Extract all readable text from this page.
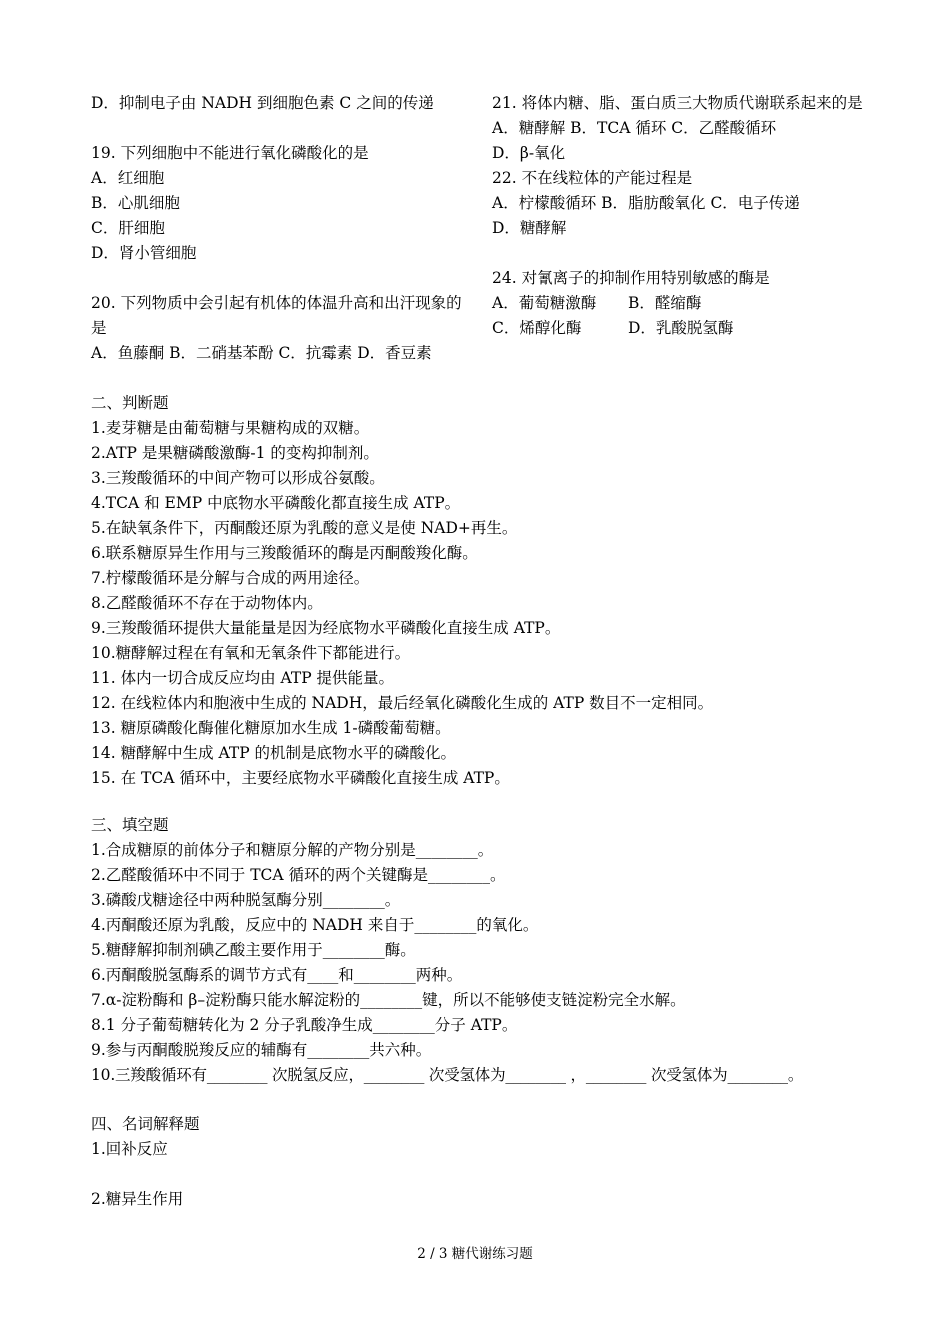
D．抑制电子由 NADH 到细胞色素 C 之间的传递
19. 下列细胞中不能进行氧化磷酸化的是
A．红细胞
B．心肌细胞
C．肝细胞
D．肾小管细胞
20. 下列物质中会引起有机体的体温升高和出汗现象的是
A．鱼藤酮 B．二硝基苯酚 C．抗霉素 D．香豆素
21. 将体内糖、脂、蛋白质三大物质代谢联系起来的是
A．糖酵解 B．TCA 循环 C．乙醛酸循环
D．β-氧化
22. 不在线粒体的产能过程是
A．柠檬酸循环 B．脂肪酸氧化 C．电子传递
D．糖酵解
24. 对氰离子的抑制作用特别敏感的酶是
A．葡萄糖激酶 B．醛缩酶
C．烯醇化酶	D．乳酸脱氢酶
二、判断题
1.麦芽糖是由葡萄糖与果糖构成的双糖。
2.ATP 是果糖磷酸激酶-1 的变构抑制剂。
3.三羧酸循环的中间产物可以形成谷氨酸。
4.TCA 和 EMP 中底物水平磷酸化都直接生成 ATP。
5.在缺氧条件下，丙酮酸还原为乳酸的意义是使 NAD+再生。
6.联系糖原异生作用与三羧酸循环的酶是丙酮酸羧化酶。
7.柠檬酸循环是分解与合成的两用途径。
8.乙醛酸循环不存在于动物体内。
9.三羧酸循环提供大量能量是因为经底物水平磷酸化直接生成 ATP。
10.糖酵解过程在有氧和无氧条件下都能进行。
11. 体内一切合成反应均由 ATP 提供能量。
12. 在线粒体内和胞液中生成的 NADH，最后经氧化磷酸化生成的 ATP 数目不一定相同。
13. 糖原磷酸化酶催化糖原加水生成 1-磷酸葡萄糖。
14. 糖酵解中生成 ATP 的机制是底物水平的磷酸化。
15. 在 TCA 循环中，主要经底物水平磷酸化直接生成 ATP。
三、填空题
1.合成糖原的前体分子和糖原分解的产物分别是________。
2.乙醛酸循环中不同于 TCA 循环的两个关键酶是________。
3.磷酸戊糖途径中两种脱氢酶分别________。
4.丙酮酸还原为乳酸，反应中的 NADH 来自于________的氧化。
5.糖酵解抑制剂碘乙酸主要作用于________酶。
6.丙酮酸脱氢酶系的调节方式有____和________两种。
7.α-淀粉酶和 β–淀粉酶只能水解淀粉的________键，所以不能够使支链淀粉完全水解。
8.1 分子葡萄糖转化为 2 分子乳酸净生成________分子 ATP。
9.参与丙酮酸脱羧反应的辅酶有________共六种。
10.三羧酸循环有________ 次脱氢反应，________ 次受氢体为________ ，________ 次受氢体为________。
四、名词解释题
1.回补反应
2.糖异生作用
2 / 3 糖代谢练习题
